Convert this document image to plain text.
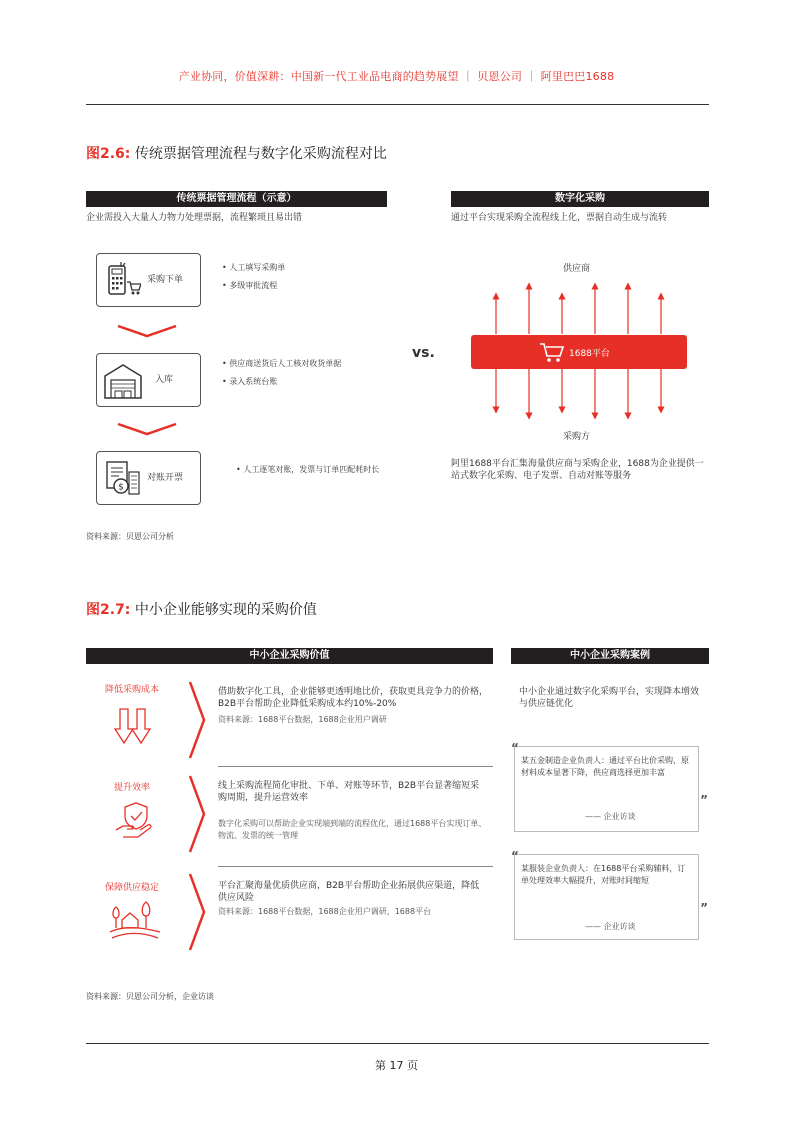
产业协同，价值深耕：中国新一代工业品电商的趋势展望 ｜ 贝恩公司 ｜ 阿里巴巴1688
图2.6: 传统票据管理流程与数字化采购流程对比
传统票据管理流程（示意）
企业需投入大量人力物力处理票据，流程繁琐且易出错
采购下单
• 人工填写采购单
• 多级审批流程
入库
• 供应商送货后人工核对收货单据
• 录入系统台账
$
对账开票
• 人工逐笔对账，发票与订单匹配耗时长
vs.
数字化采购
通过平台实现采购全流程线上化，票据自动生成与流转
供应商
1688平台
采购方
阿里1688平台汇集海量供应商与采购企业，1688为企业提供一站式数字化采购、电子发票、自动对账等服务
资料来源：贝恩公司分析
图2.7: 中小企业能够实现的采购价值
中小企业采购价值	中小企业采购案例
降低采购成本	借助数字化工具，企业能够更透明地比价，获取更具竞争力的价格，B2B平台帮助企业降低采购成本约10%-20%
资料来源：1688平台数据，1688企业用户调研
提升效率	线上采购流程简化审批、下单、对账等环节，B2B平台显著缩短采购周期，提升运营效率
数字化采购可以帮助企业实现端到端的流程优化，通过1688平台实现订单、物流、发票的统一管理
保障供应稳定	平台汇聚海量优质供应商，B2B平台帮助企业拓展供应渠道，降低供应风险
资料来源：1688平台数据，1688企业用户调研，1688平台
中小企业通过数字化采购平台，实现降本增效与供应链优化
“
某五金制造企业负责人：通过平台比价采购，原材料成本显著下降，供应商选择更加丰富
—— 企业访谈
”
“
某服装企业负责人：在1688平台采购辅料，订单处理效率大幅提升，对账时间缩短
—— 企业访谈
”
资料来源：贝恩公司分析，企业访谈
第 17 页
